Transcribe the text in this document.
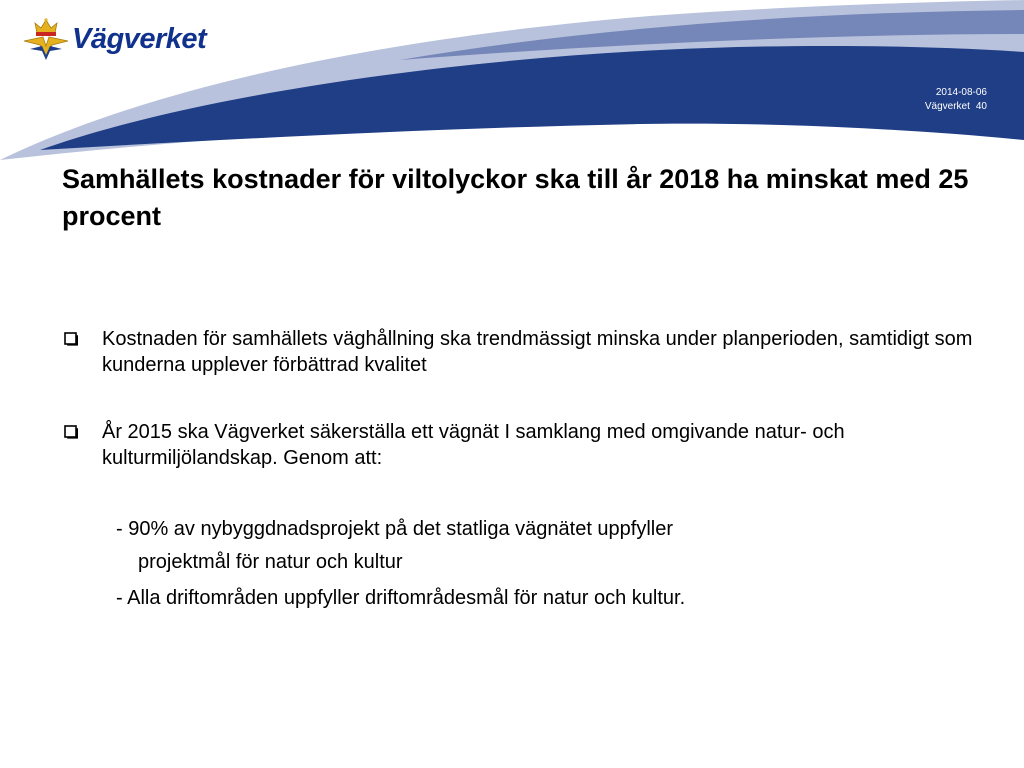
Vägverket
2014-08-06
Vägverket 40
Samhällets kostnader för viltolyckor ska till år 2018 ha minskat med 25 procent
Kostnaden för samhällets väghållning ska trendmässigt minska under planperioden, samtidigt som kunderna upplever förbättrad kvalitet
År 2015 ska Vägverket säkerställa ett vägnät I samklang med omgivande natur- och kulturmiljölandskap. Genom att:
- 90% av nybyggdnadsprojekt på det statliga vägnätet uppfyller
projektmål för natur och kultur
- Alla driftområden uppfyller driftområdesmål för natur och kultur.
